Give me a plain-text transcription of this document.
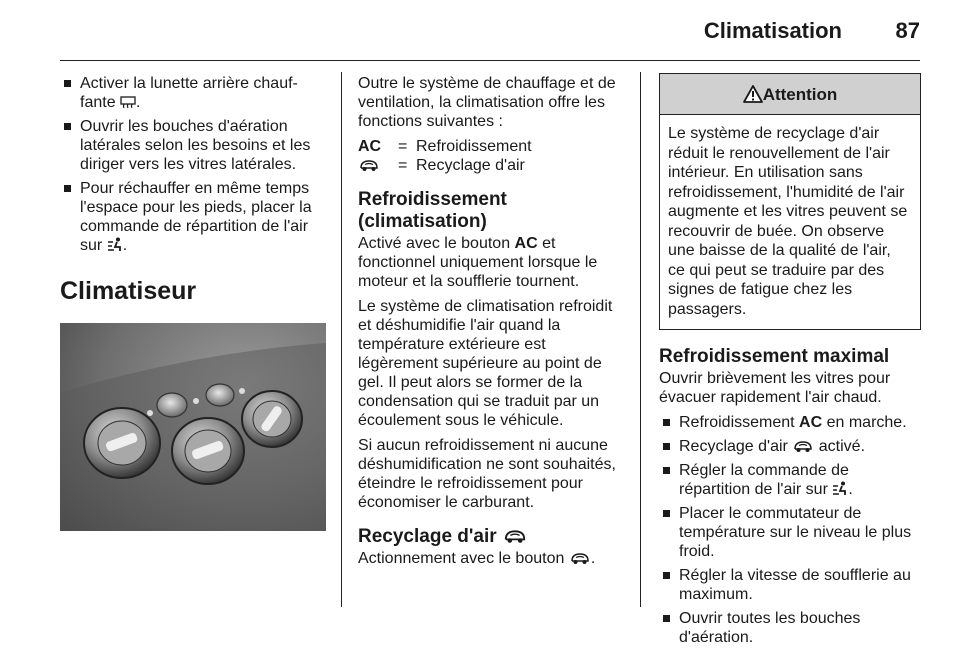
Climatisation 87
Activer la lunette arrière chauf-fante .
Ouvrir les bouches d'aération latérales selon les besoins et les diriger vers les vitres latérales.
Pour réchauffer en même temps l'espace pour les pieds, placer la commande de répartition de l'air sur .
Climatiseur

Outre le système de chauffage et de ventilation, la climatisation offre les fonctions suivantes :

AC	= Refroidissement
= Recyclage d'air
Refroidissement (climatisation)

Activé avec le bouton AC et fonctionnel uniquement lorsque le moteur et la soufflerie tournent.

Le système de climatisation refroidit et déshumidifie l'air quand la température extérieure est légèrement supérieure au point de gel. Il peut alors se former de la condensation qui se traduit par un écoulement sous le véhicule.

Si aucun refroidissement ni aucune déshumidification ne sont souhaités, éteindre le refroidissement pour économiser le carburant.

Recyclage d'air

Actionnement avec le bouton .

Attention
Le système de recyclage d'air réduit le renouvellement de l'air intérieur. En utilisation sans refroidissement, l'humidité de l'air augmente et les vitres peuvent se recouvrir de buée. On observe une baisse de la qualité de l'air, ce qui peut se traduire par des signes de fatigue chez les passagers.
Refroidissement maximal

Ouvrir brièvement les vitres pour évacuer rapidement l'air chaud.

Refroidissement AC en marche.
Recyclage d'air  activé.
Régler la commande de répartition de l'air sur .
Placer le commutateur de température sur le niveau le plus froid.
Régler la vitesse de soufflerie au maximum.
Ouvrir toutes les bouches d'aération.
